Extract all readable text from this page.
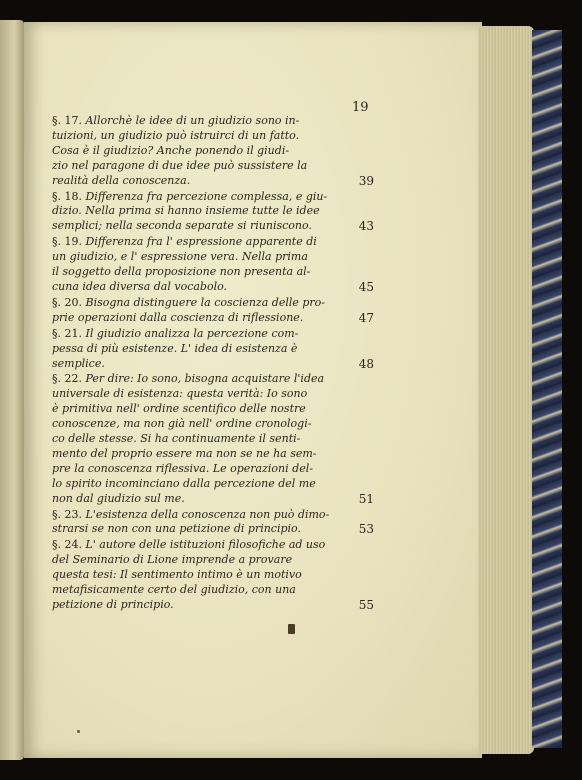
19
§. 17. Allorchè le idee di un giudizio sono in-
tuizioni, un giudizio può istruirci di un fatto.
Cosa è il giudizio? Anche ponendo il giudi-
zio nel paragone di due idee può sussistere la
realità della conoscenza.	39
§. 18. Differenza fra percezione complessa, e giu-
dizio. Nella prima si hanno insieme tutte le idee
semplici; nella seconda separate si riuniscono.	43
§. 19. Differenza fra l' espressione apparente di
un giudizio, e l' espressione vera. Nella prima
il soggetto della proposizione non presenta al-
cuna idea diversa dal vocabolo.	45
§. 20. Bisogna distinguere la coscienza delle pro-
prie operazioni dalla coscienza di riflessione.	47
§. 21. Il giudizio analizza la percezione com-
pessa di più esistenze. L' idea di esistenza è
semplice.	48
§. 22. Per dire: Io sono, bisogna acquistare l'idea
universale di esistenza: questa verità: Io sono
è primitiva nell' ordine scentifico delle nostre
conoscenze, ma non già nell' ordine cronologi-
co delle stesse. Si ha continuamente il senti-
mento del proprio essere ma non se ne ha sem-
pre la conoscenza riflessiva. Le operazioni del-
lo spirito incominciano dalla percezione del me
non dal giudizio sul me.	51
§. 23. L'esistenza della conoscenza non può dimo-
strarsi se non con una petizione di principio.	53
§. 24. L' autore delle istituzioni filosofiche ad uso
del Seminario di Lione imprende a provare
questa tesi: Il sentimento intimo è un motivo
metafisicamente certo del giudizio, con una
petizione di principio.	55
